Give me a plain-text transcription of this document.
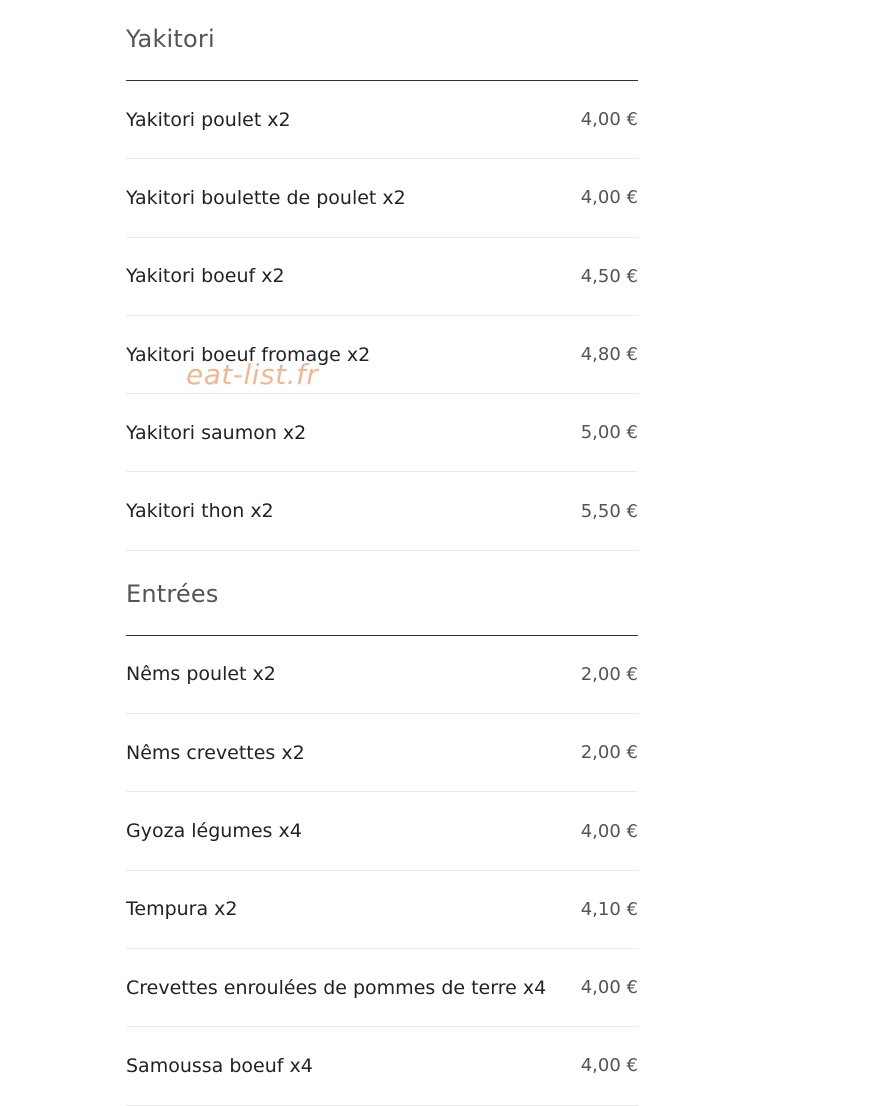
Yakitori
Yakitori poulet x2	4,00 €
Yakitori boulette de poulet x2	4,00 €
Yakitori boeuf x2	4,50 €
Yakitori boeuf fromage x2	4,80 €
Yakitori saumon x2	5,00 €
Yakitori thon x2	5,50 €
Entrées
Nêms poulet x2	2,00 €
Nêms crevettes x2	2,00 €
Gyoza légumes x4	4,00 €
Tempura x2	4,10 €
Crevettes enroulées de pommes de terre x4 4,00 €
Samoussa boeuf x4	4,00 €
eat-list.fr
